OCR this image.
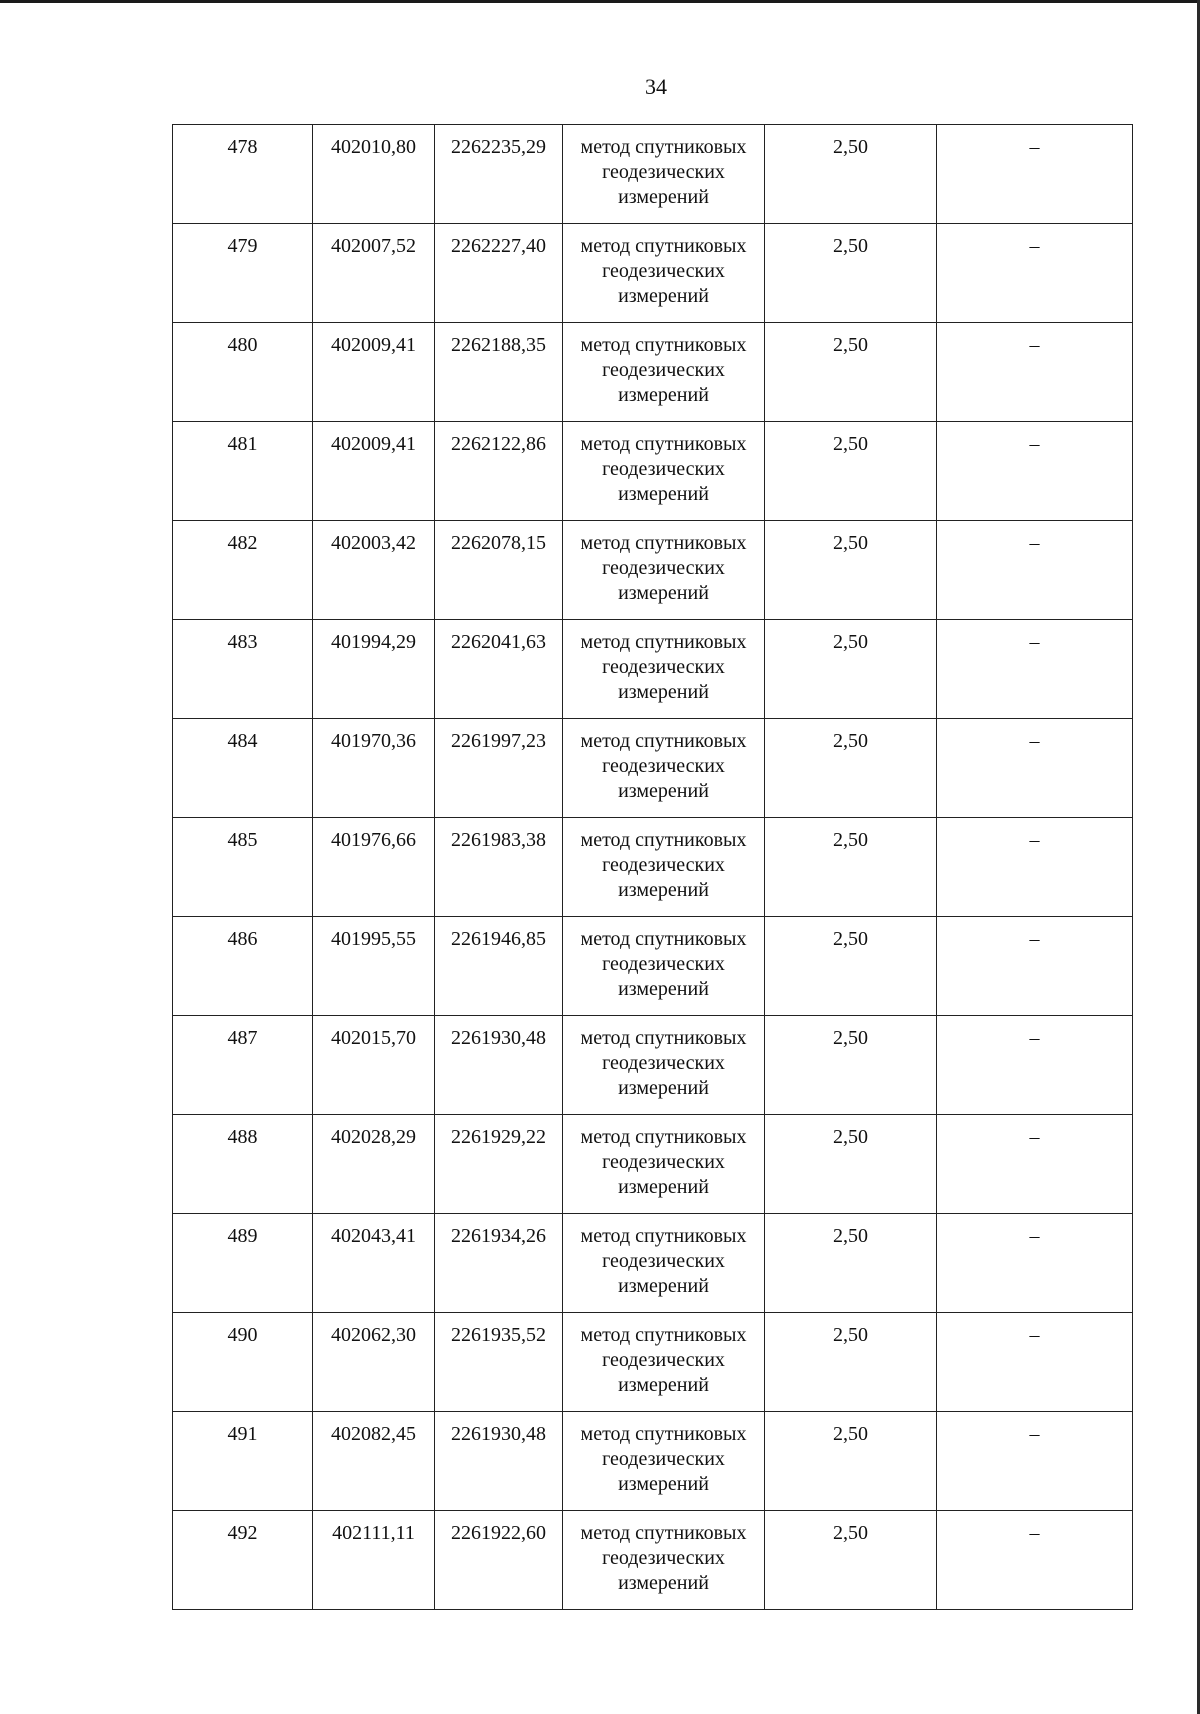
34
478	402010,80	2262235,29	метод спутниковых геодезических измерений	2,50	–

479	402007,52	2262227,40	метод спутниковых геодезических измерений	2,50	–

480	402009,41	2262188,35	метод спутниковых геодезических измерений	2,50	–

481	402009,41	2262122,86	метод спутниковых геодезических измерений	2,50	–

482	402003,42	2262078,15	метод спутниковых геодезических измерений	2,50	–

483	401994,29	2262041,63	метод спутниковых геодезических измерений	2,50	–

484	401970,36	2261997,23	метод спутниковых геодезических измерений	2,50	–

485	401976,66	2261983,38	метод спутниковых геодезических измерений	2,50	–

486	401995,55	2261946,85	метод спутниковых геодезических измерений	2,50	–

487	402015,70	2261930,48	метод спутниковых геодезических измерений	2,50	–

488	402028,29	2261929,22	метод спутниковых геодезических измерений	2,50	–

489	402043,41	2261934,26	метод спутниковых геодезических измерений	2,50	–

490	402062,30	2261935,52	метод спутниковых геодезических измерений	2,50	–

491	402082,45	2261930,48	метод спутниковых геодезических измерений	2,50	–

492	402111,11	2261922,60	метод спутниковых геодезических измерений	2,50	–
